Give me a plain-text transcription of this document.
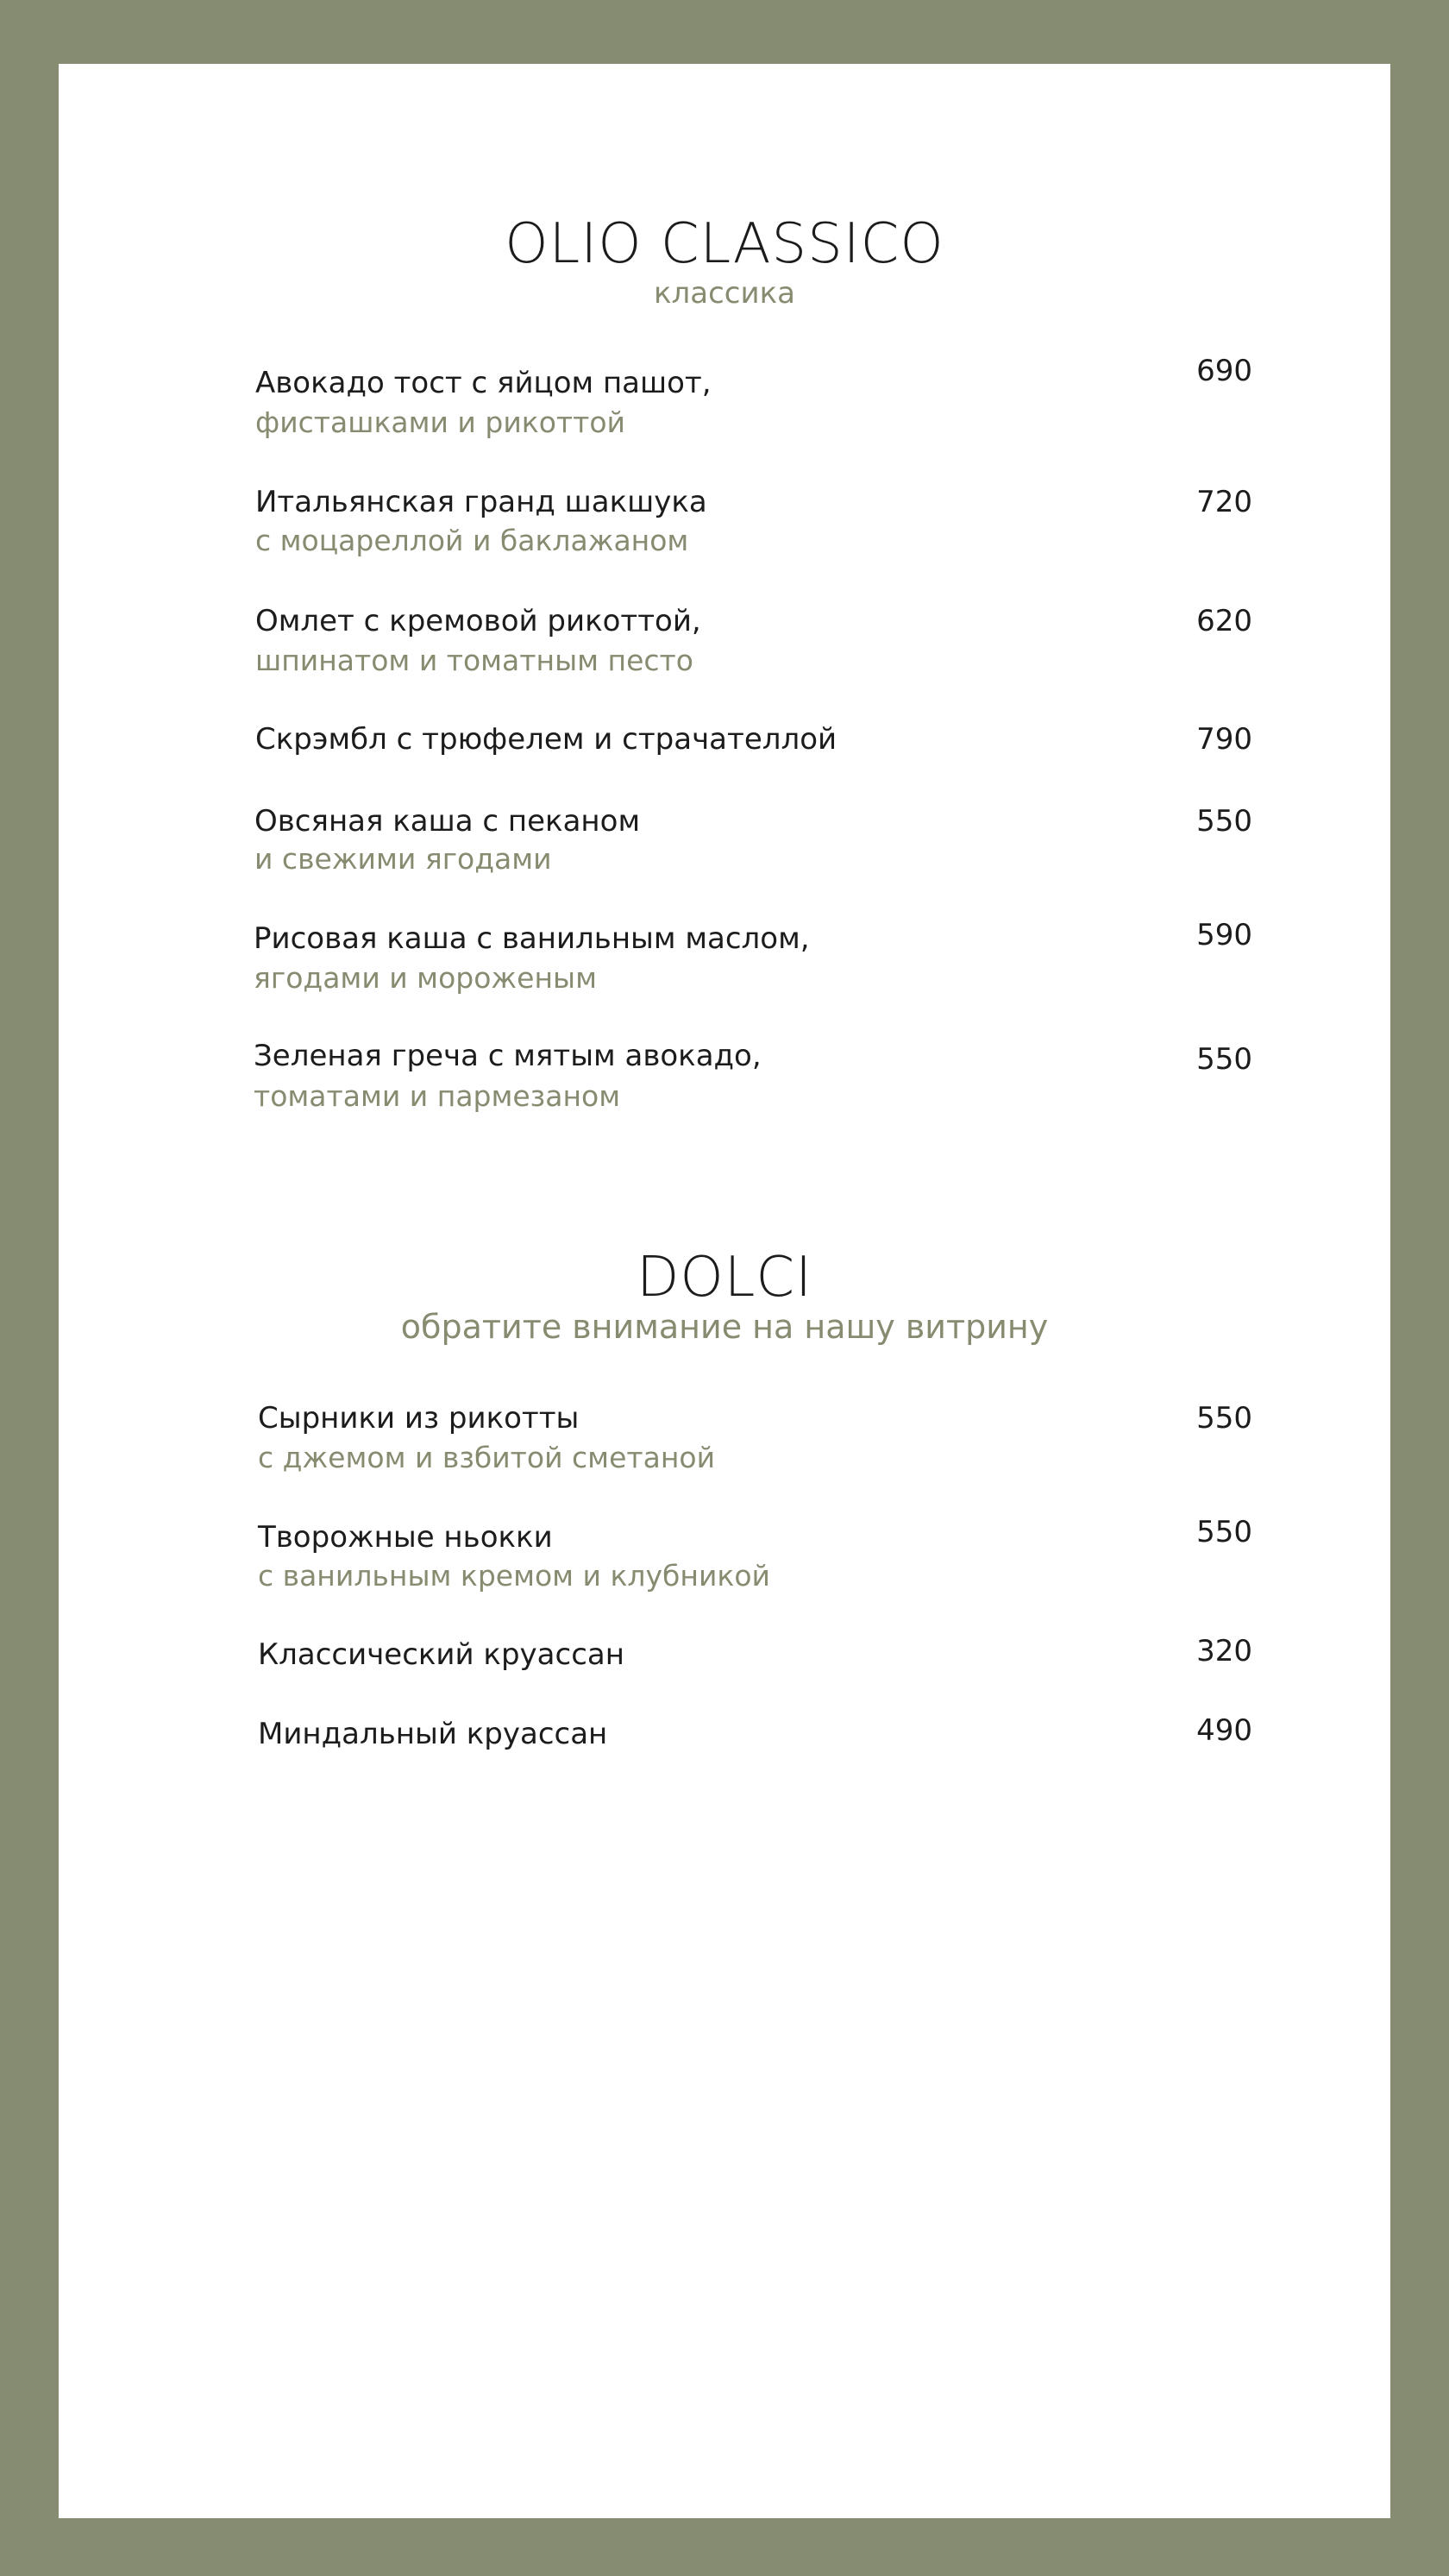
OLIO CLASSICO
классика
Авокадо тост с яйцом пашот,
фисташками и рикоттой
690
Итальянская гранд шакшука
с моцареллой и баклажаном
720
Омлет с кремовой рикоттой,
шпинатом и томатным песто
620
Скрэмбл с трюфелем и страчателлой	790
Овсяная каша с пеканом
и свежими ягодами
550
Рисовая каша с ванильным маслом,
ягодами и мороженым
590
Зеленая греча с мятым авокадо,
томатами и пармезаном
550
DOLCI
обратите внимание на нашу витрину
Сырники из рикотты
с джемом и взбитой сметаной
550
Творожные ньокки
с ванильным кремом и клубникой
550
Классический круассан	320
Миндальный круассан	490
